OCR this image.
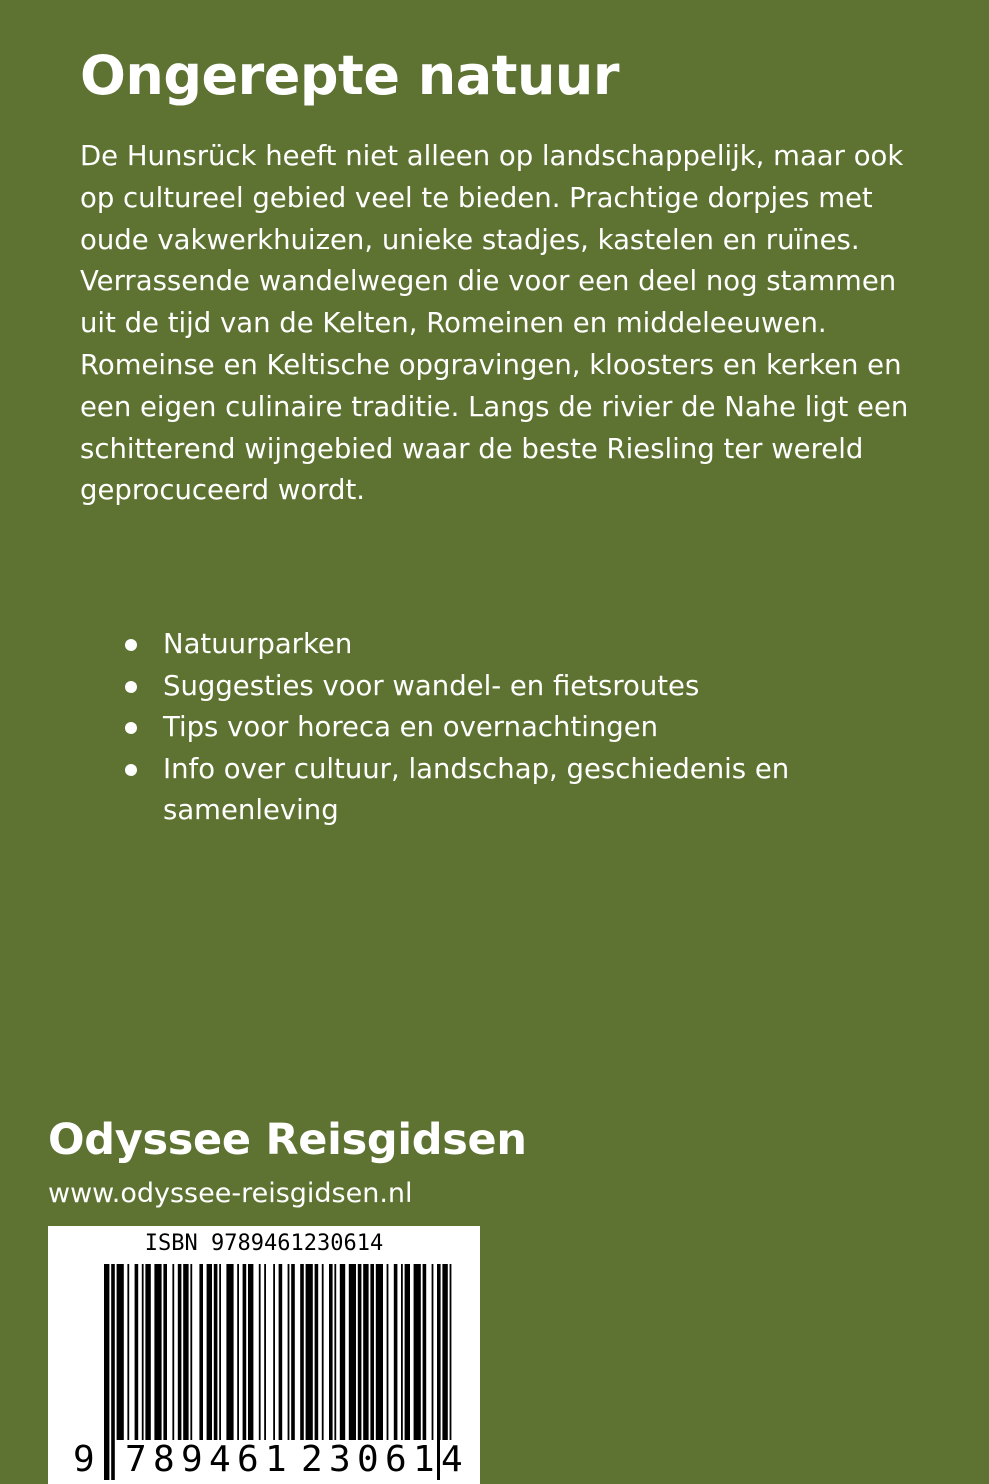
Ongerepte natuur

De Hunsrück heeft niet alleen op landschappelijk, maar ook op cultureel gebied veel te bieden. Prachtige dorpjes met oude vakwerkhuizen, unieke stadjes, kastelen en ruïnes.

Verrassende wandelwegen die voor een deel nog stammen uit de tijd van de Kelten, Romeinen en middeleeuwen. Romeinse en Keltische opgravingen, kloosters en kerken en een eigen culinaire traditie. Langs de rivier de Nahe ligt een schitterend wijngebied waar de beste Riesling ter wereld geprocuceerd wordt.

Natuurparken
Suggesties voor wandel- en fietsroutes
Tips voor horeca en overnachtingen
Info over cultuur, landschap, geschiedenis en samenleving
Odyssee Reisgidsen
www.odyssee-reisgidsen.nl
ISBN 9789461230614
9 7 8 9 4 6 1 2 3 0 6 1 4
